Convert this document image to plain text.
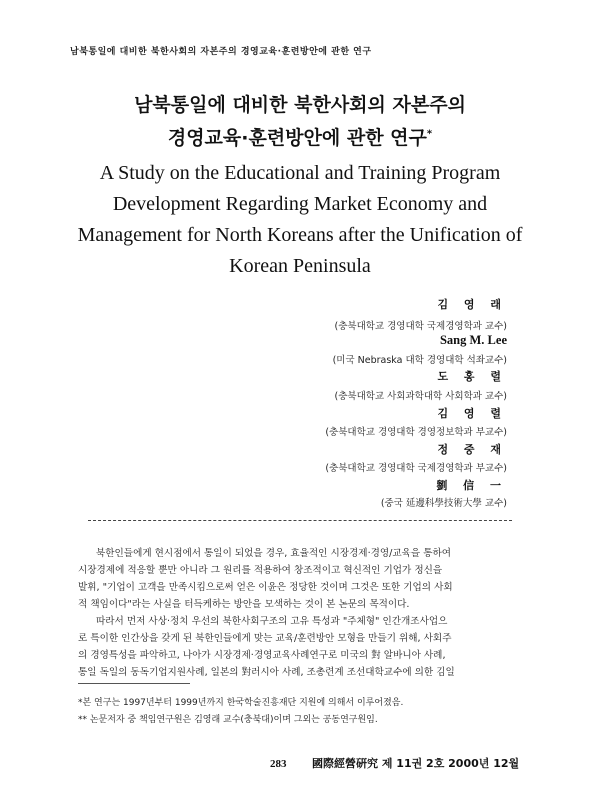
남북통일에 대비한 북한사회의 자본주의 경영교육·훈련방안에 관한 연구
남북통일에 대비한 북한사회의 자본주의
경영교육·훈련방안에 관한 연구*
A Study on the Educational and Training Program
Development Regarding Market Economy and
Management for North Koreans after the Unification of
Korean Peninsula
김 영 래
(충북대학교 경영대학 국제경영학과 교수)
Sang M. Lee
(미국 Nebraska 대학 경영대학 석좌교수)
도 홍 렬
(충북대학교 사회과학대학 사회학과 교수)
김 영 렬
(충북대학교 경영대학 경영정보학과 부교수)
정 중 재
(충북대학교 경영대학 국제경영학과 부교수)
劉 信 一
(중국 延邊科學技術大學 교수)

북한인들에게 현시점에서 통일이 되었을 경우, 효율적인 시장경제·경영/교육을 통하여
시장경제에 적응할 뿐만 아니라 그 원리를 적용하여 창조적이고 혁신적인 기업가 정신을
발휘, "기업이 고객을 만족시킴으로써 얻은 이윤은 정당한 것이며 그것은 또한 기업의 사회
적 책임이다"라는 사실을 터득케하는 방안을 모색하는 것이 본 논문의 목적이다.

따라서 먼저 사상·정치 우선의 북한사회구조의 고유 특성과 "주체형" 인간개조사업으
로 특이한 인간상을 갖게 된 북한인들에게 맞는 교육/훈련방안 모형을 만들기 위해, 사회주
의 경영특성을 파악하고, 나아가 시장경제·경영교육사례연구로 미국의 對 알바니아 사례,
통일 독일의 동독기업지원사례, 일본의 對러시아 사례, 조총련계 조선대학교수에 의한 김일

*본 연구는 1997년부터 1999년까지 한국학술진흥재단 지원에 의해서 이루어졌음.
** 논문저자 중 책임연구원은 김영래 교수(충북대)이며 그외는 공동연구원임.
283 國際經營硏究 제 11권 2호 2000년 12월
